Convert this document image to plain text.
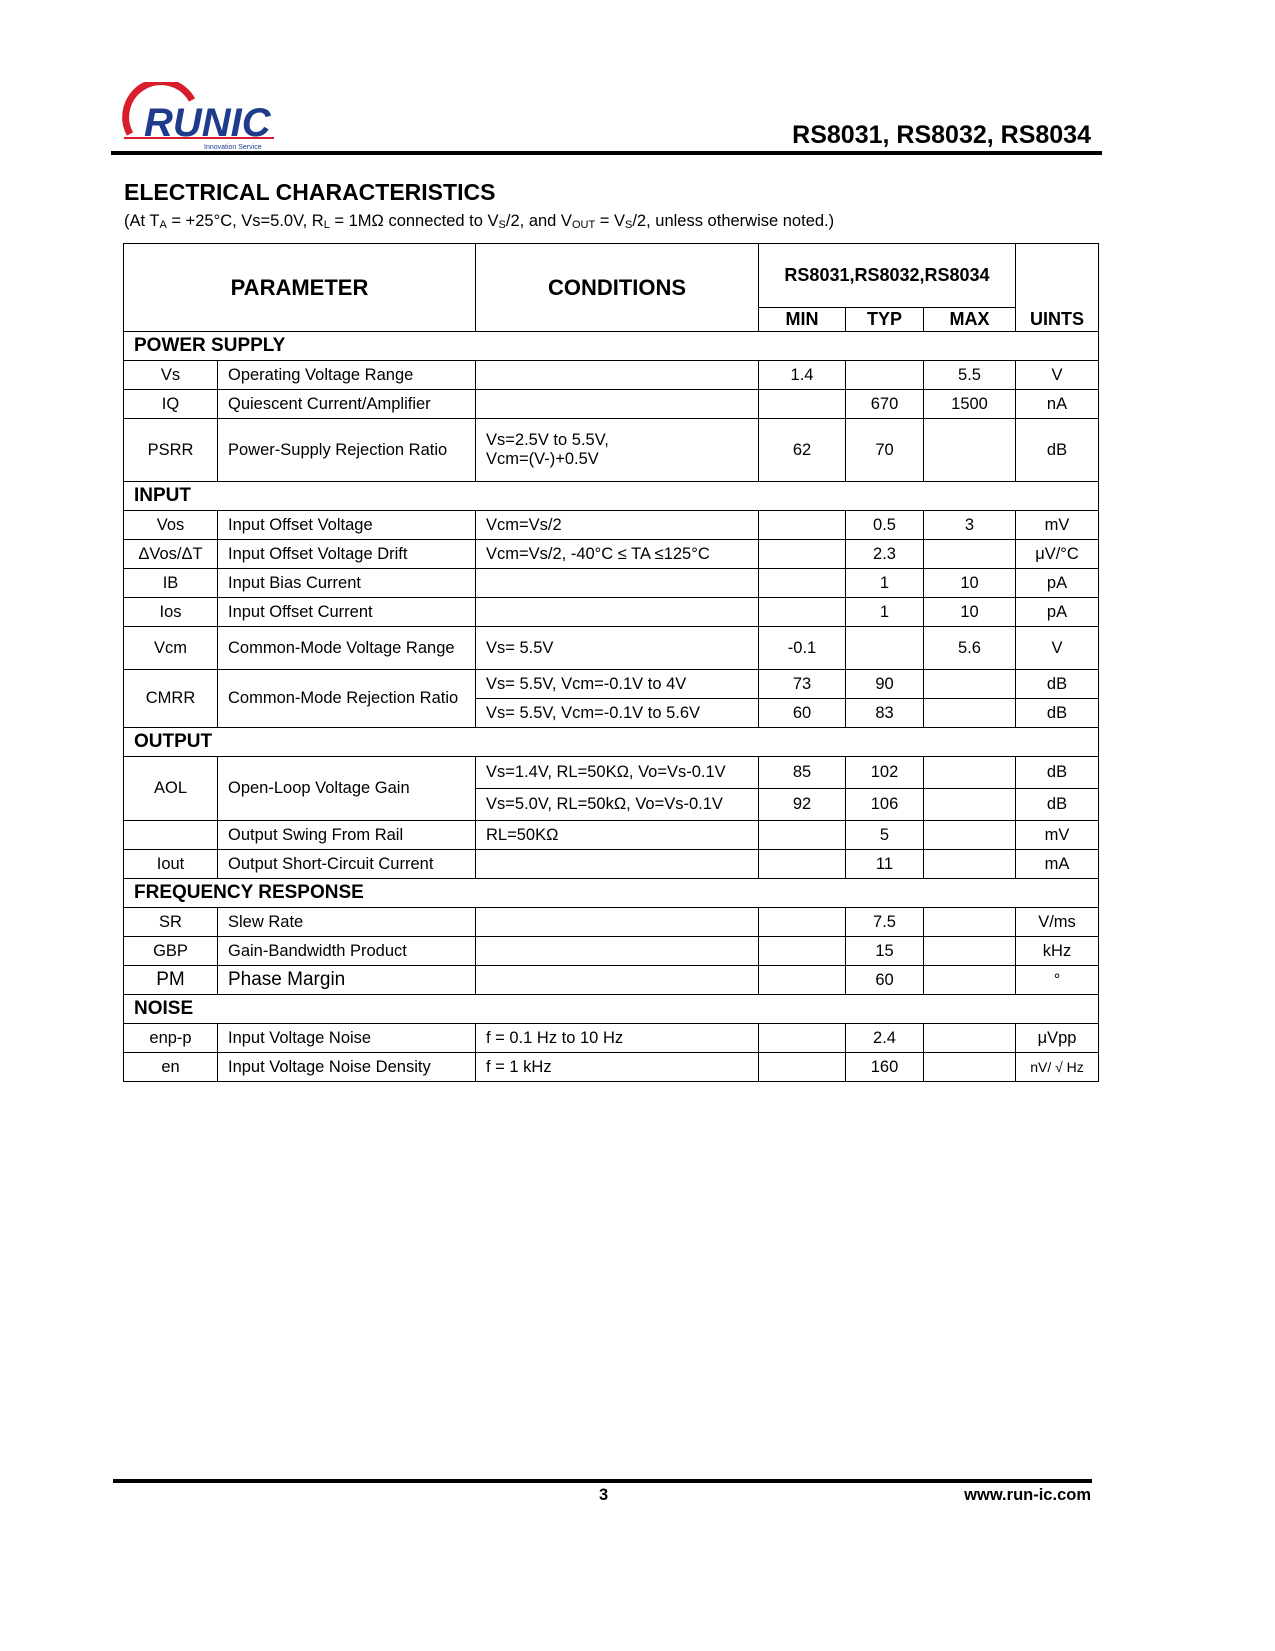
RUNIC
Innovation Service	RS8031, RS8032, RS8034
ELECTRICAL CHARACTERISTICS
(At $T_A = +25^\circ C$, Vs=5.0V, $R_L = 1M\Omega$ connected to $V_S/2$, and $V_{OUT} = V_S/2$, unless otherwise noted.)
PARAMETER		CONDITIONS	RS8031,RS8032,RS8034			
			MIN	TYP	MAX	UINTS
POWER SUPPLY						
Vs	Operating Voltage Range		1.4		5.5	V
IQ	Quiescent Current/Amplifier			670	1500	nA
PSRR	Power-Supply Rejection Ratio	Vs=2.5V to 5.5V,
Vcm=(V-)+0.5V	62	70		dB
INPUT						
Vos	Input Offset Voltage	Vcm=Vs/2		0.5	3	mV
ΔVos/ΔT	Input Offset Voltage Drift	Vcm=Vs/2, -40°C ≤ TA ≤125°C		2.3		μV/°C
IB	Input Bias Current			1	10	pA
Ios	Input Offset Current			1	10	pA
Vcm	Common-Mode Voltage Range	Vs= 5.5V	-0.1		5.6	V
CMRR	Common-Mode Rejection Ratio	Vs= 5.5V, Vcm=-0.1V to 4V	73	90		dB
		Vs= 5.5V, Vcm=-0.1V to 5.6V	60	83		dB
OUTPUT						
AOL	Open-Loop Voltage Gain	Vs=1.4V, RL=50KΩ, Vo=Vs-0.1V	85	102		dB
		Vs=5.0V, RL=50kΩ, Vo=Vs-0.1V	92	106		dB
	Output Swing From Rail	RL=50KΩ		5		mV
Iout	Output Short-Circuit Current			11		mA
FREQUENCY RESPONSE						
SR	Slew Rate			7.5		V/ms
GBP	Gain-Bandwidth Product			15		kHz
PM	Phase Margin			60		°
NOISE						
enp-p	Input Voltage Noise	f = 0.1 Hz to 10 Hz		2.4		μVpp
en	Input Voltage Noise Density	f = 1 kHz		160		nV/ √ Hz
3	www.run-ic.com
